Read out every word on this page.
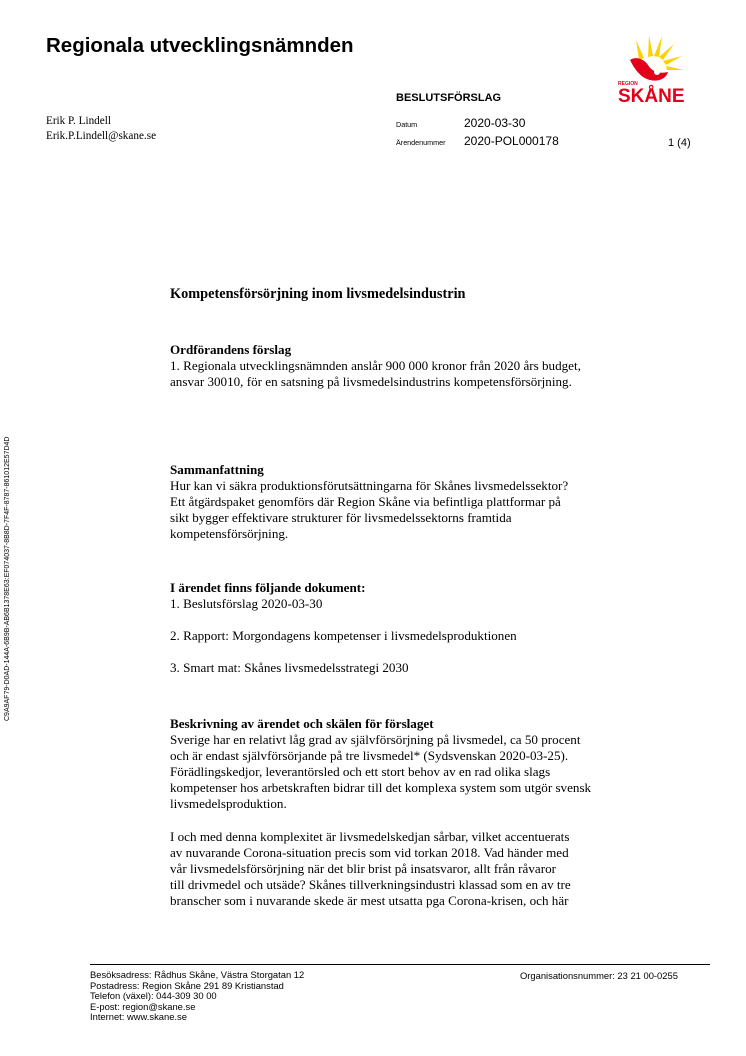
Regionala utvecklingsnämnden
BESLUTSFÖRSLAG
REGION
SKÅNE
Erik P. Lindell
Erik.P.Lindell@skane.se
Datum	2020-03-30
Ärendenummer	2020-POL000178	1 (4)
C9A9AF79-D0AD-144A-6B9B-AB6B1378E63:EF074037-8B8D-7F4F-8787-861012E57D4D
Kompetensförsörjning inom livsmedelsindustrin
Ordförandens förslag

1. Regionala utvecklingsnämnden anslår 900 000 kronor från 2020 års budget,

ansvar 30010, för en satsning på livsmedelsindustrins kompetensförsörjning.

Sammanfattning

Hur kan vi säkra produktionsförutsättningarna för Skånes livsmedelssektor?

Ett åtgärdspaket genomförs där Region Skåne via befintliga plattformar på

sikt bygger effektivare strukturer för livsmedelssektorns framtida

kompetensförsörjning.

I ärendet finns följande dokument:

1. Beslutsförslag 2020-03-30

2. Rapport: Morgondagens kompetenser i livsmedelsproduktionen

3. Smart mat: Skånes livsmedelsstrategi 2030

Beskrivning av ärendet och skälen för förslaget

Sverige har en relativt låg grad av självförsörjning på livsmedel, ca 50 procent

och är endast självförsörjande på tre livsmedel* (Sydsvenskan 2020-03-25).

Förädlingskedjor, leverantörsled och ett stort behov av en rad olika slags

kompetenser hos arbetskraften bidrar till det komplexa system som utgör svensk

livsmedelsproduktion.

I och med denna komplexitet är livsmedelskedjan sårbar, vilket accentuerats

av nuvarande Corona-situation precis som vid torkan 2018. Vad händer med

vår livsmedelsförsörjning när det blir brist på insatsvaror, allt från råvaror

till drivmedel och utsäde? Skånes tillverkningsindustri klassad som en av tre

branscher som i nuvarande skede är mest utsatta pga Corona-krisen, och här

Besöksadress: Rådhus Skåne, Västra Storgatan 12
Postadress: Region Skåne 291 89 Kristianstad
Telefon (växel): 044-309 30 00
E-post: region@skane.se
Internet: www.skane.se
Organisationsnummer: 23 21 00-0255
